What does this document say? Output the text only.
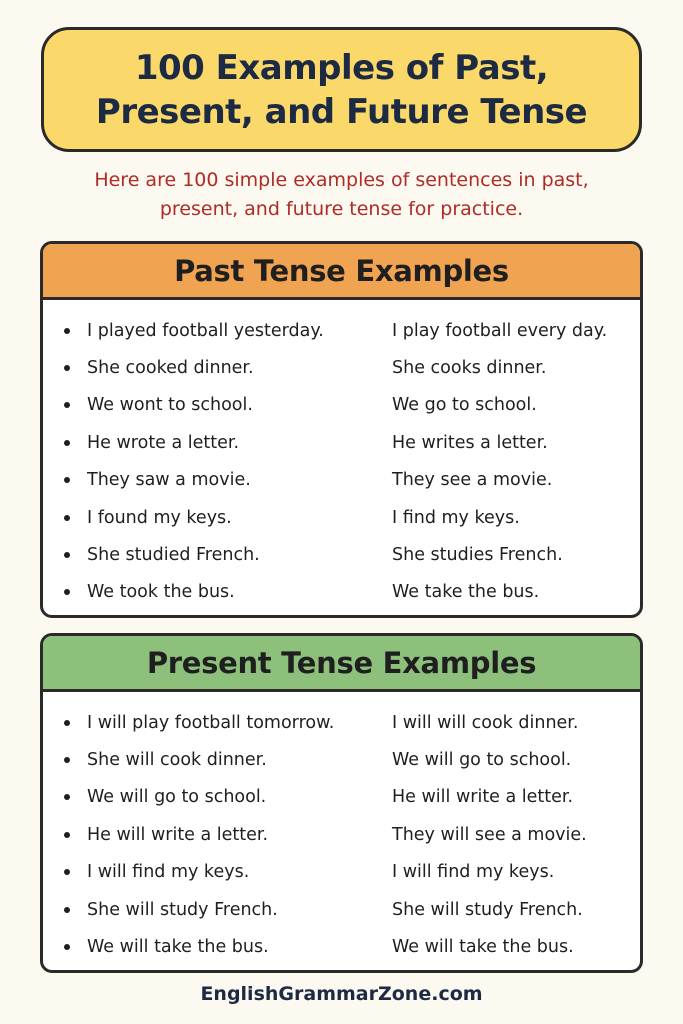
100 Examples of Past,
Present, and Future Tense
Here are 100 simple examples of sentences in past,
present, and future tense for practice.
Past Tense Examples
I played football yesterday.	I play football every day.
She cooked dinner.	She cooks dinner.
We wont to school.	We go to school.
He wrote a letter.	He writes a letter.
They saw a movie.	They see a movie.
I found my keys.	I find my keys.
She studied French.	She studies French.
We took the bus.	We take the bus.
Present Tense Examples
I will play football tomorrow.	I will will cook dinner.
She will cook dinner.	We will go to school.
We will go to school.	He will write a letter.
He will write a letter.	They will see a movie.
I will find my keys.	I will find my keys.
She will study French.	She will study French.
We will take the bus.	We will take the bus.
EnglishGrammarZone.com
